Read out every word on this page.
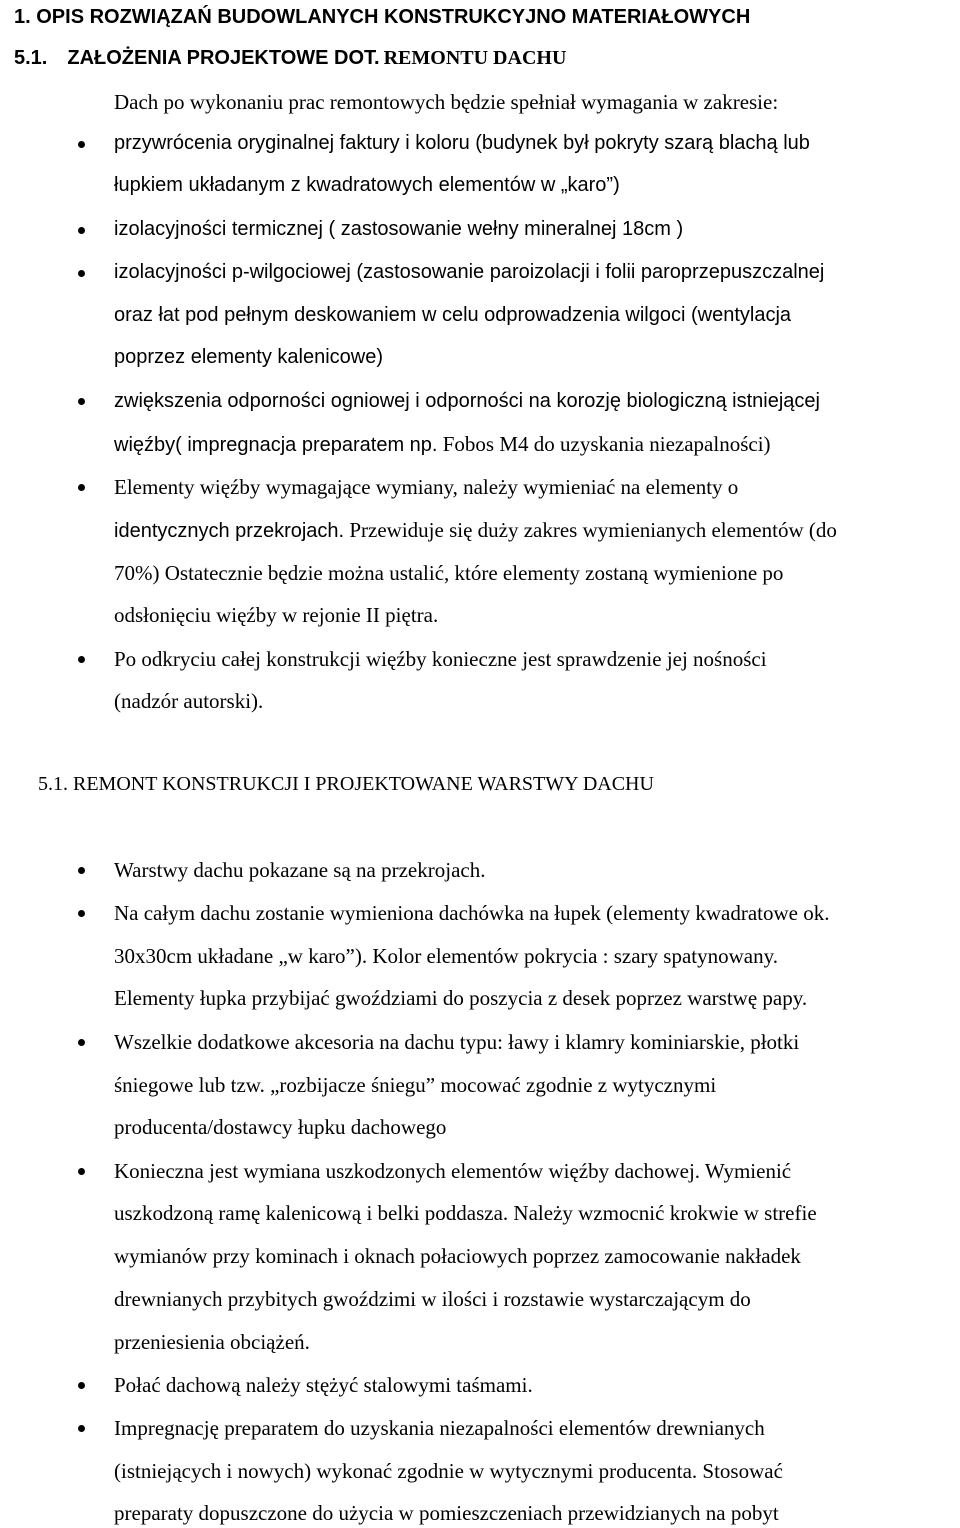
1. OPIS ROZWIĄZAŃ BUDOWLANYCH KONSTRUKCYJNO MATERIAŁOWYCH
5.1. ZAŁOŻENIA PROJEKTOWE DOT. REMONTU DACHU
Dach po wykonaniu prac remontowych będzie spełniał wymagania w zakresie:
przywrócenia oryginalnej faktury i koloru (budynek był pokryty szarą blachą lub
łupkiem układanym z kwadratowych elementów w „karo”)
izolacyjności termicznej ( zastosowanie wełny mineralnej 18cm )
izolacyjności p-wilgociowej (zastosowanie paroizolacji i folii paroprzepuszczalnej
oraz łat pod pełnym deskowaniem w celu odprowadzenia wilgoci (wentylacja
poprzez elementy kalenicowe)
zwiększenia odporności ogniowej i odporności na korozję biologiczną istniejącej
więźby( impregnacja preparatem np. Fobos M4 do uzyskania niezapalności)
Elementy więźby wymagające wymiany, należy wymieniać na elementy o
identycznych przekrojach. Przewiduje się duży zakres wymienianych elementów (do
70%) Ostatecznie będzie można ustalić, które elementy zostaną wymienione po
odsłonięciu więźby w rejonie II piętra.
Po odkryciu całej konstrukcji więźby konieczne jest sprawdzenie jej nośności
(nadzór autorski).
5.1. REMONT KONSTRUKCJI I PROJEKTOWANE WARSTWY DACHU
Warstwy dachu pokazane są na przekrojach.
Na całym dachu zostanie wymieniona dachówka na łupek (elementy kwadratowe ok.
30x30cm układane „w karo”). Kolor elementów pokrycia : szary spatynowany.
Elementy łupka przybijać gwoździami do poszycia z desek poprzez warstwę papy.
Wszelkie dodatkowe akcesoria na dachu typu: ławy i klamry kominiarskie, płotki
śniegowe lub tzw. „rozbijacze śniegu” mocować zgodnie z wytycznymi
producenta/dostawcy łupku dachowego
Konieczna jest wymiana uszkodzonych elementów więźby dachowej. Wymienić
uszkodzoną ramę kalenicową i belki poddasza. Należy wzmocnić krokwie w strefie
wymianów przy kominach i oknach połaciowych poprzez zamocowanie nakładek
drewnianych przybitych gwoździmi w ilości i rozstawie wystarczającym do
przeniesienia obciążeń.
Połać dachową należy stężyć stalowymi taśmami.
Impregnację preparatem do uzyskania niezapalności elementów drewnianych
(istniejących i nowych) wykonać zgodnie w wytycznymi producenta. Stosować
preparaty dopuszczone do użycia w pomieszczeniach przewidzianych na pobyt
